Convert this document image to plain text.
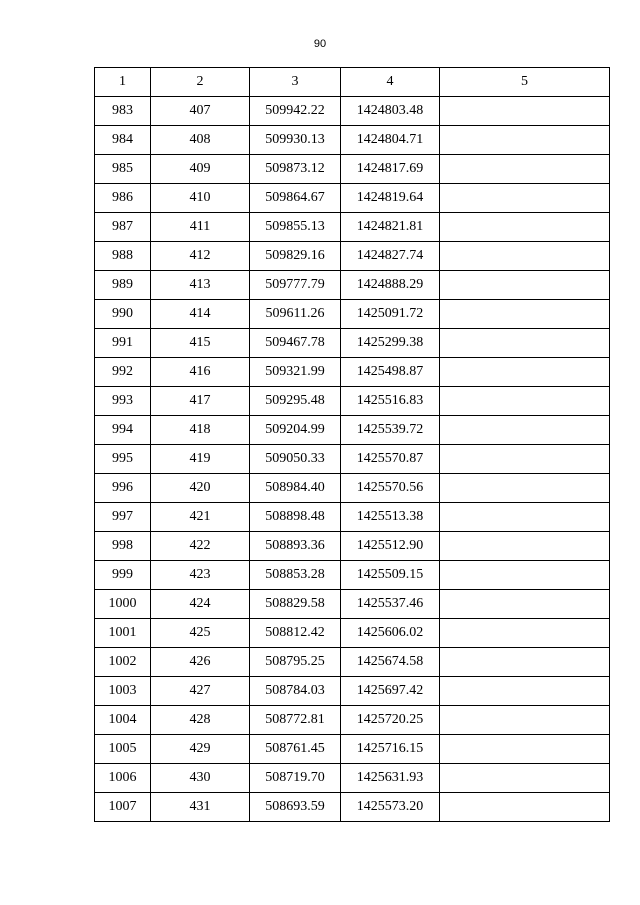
90
1	2	3	4	5
983	407	509942.22	1424803.48	
984	408	509930.13	1424804.71	
985	409	509873.12	1424817.69	
986	410	509864.67	1424819.64	
987	411	509855.13	1424821.81	
988	412	509829.16	1424827.74	
989	413	509777.79	1424888.29	
990	414	509611.26	1425091.72	
991	415	509467.78	1425299.38	
992	416	509321.99	1425498.87	
993	417	509295.48	1425516.83	
994	418	509204.99	1425539.72	
995	419	509050.33	1425570.87	
996	420	508984.40	1425570.56	
997	421	508898.48	1425513.38	
998	422	508893.36	1425512.90	
999	423	508853.28	1425509.15	
1000	424	508829.58	1425537.46	
1001	425	508812.42	1425606.02	
1002	426	508795.25	1425674.58	
1003	427	508784.03	1425697.42	
1004	428	508772.81	1425720.25	
1005	429	508761.45	1425716.15	
1006	430	508719.70	1425631.93	
1007	431	508693.59	1425573.20	
